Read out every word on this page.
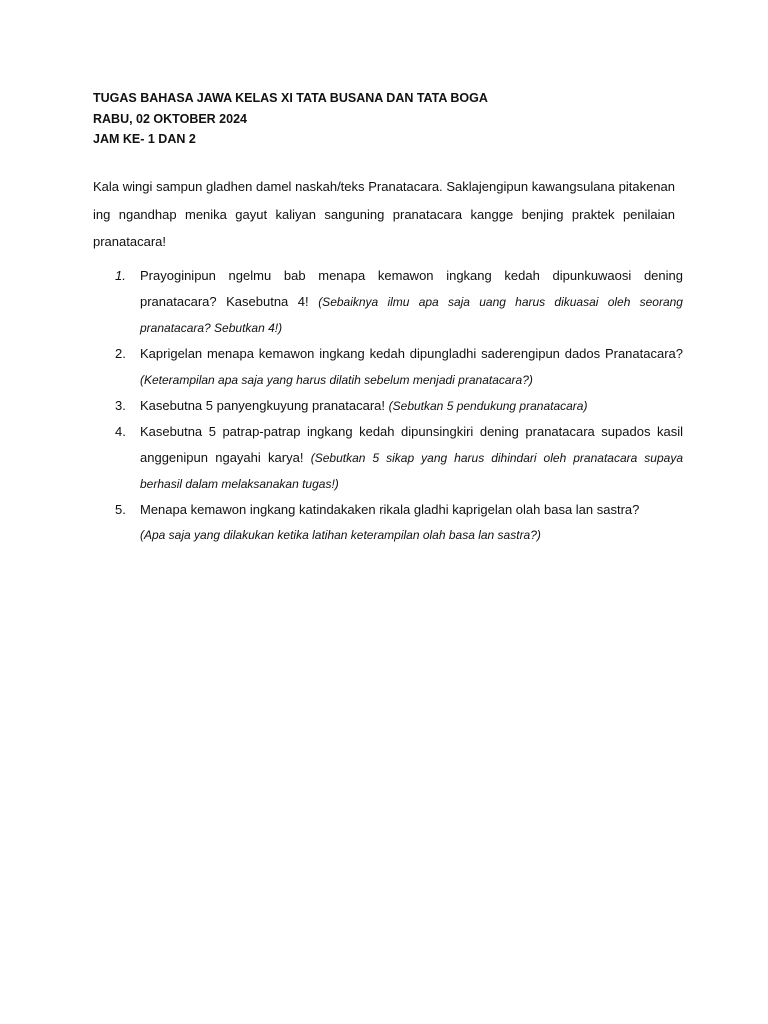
TUGAS BAHASA JAWA KELAS XI TATA BUSANA DAN TATA BOGA
RABU, 02 OKTOBER 2024
JAM KE- 1 DAN 2
Kala wingi sampun gladhen damel naskah/teks Pranatacara. Saklajengipun kawangsulana pitakenan ing ngandhap menika gayut kaliyan sanguning pranatacara kangge benjing praktek penilaian pranatacara!
1.	Prayoginipun ngelmu bab menapa kemawon ingkang kedah dipunkuwaosi dening pranatacara? Kasebutna 4! (Sebaiknya ilmu apa saja uang harus dikuasai oleh seorang pranatacara? Sebutkan 4!)
2.	Kaprigelan menapa kemawon ingkang kedah dipungladhi saderengipun dados Pranatacara? (Keterampilan apa saja yang harus dilatih sebelum menjadi pranatacara?)
3.	Kasebutna 5 panyengkuyung pranatacara! (Sebutkan 5 pendukung pranatacara)
4.	Kasebutna 5 patrap-patrap ingkang kedah dipunsingkiri dening pranatacara supados kasil anggenipun ngayahi karya! (Sebutkan 5 sikap yang harus dihindari oleh pranatacara supaya berhasil dalam melaksanakan tugas!)
5.	Menapa kemawon ingkang katindakaken rikala gladhi kaprigelan olah basa lan sastra?
(Apa saja yang dilakukan ketika latihan keterampilan olah basa lan sastra?)
